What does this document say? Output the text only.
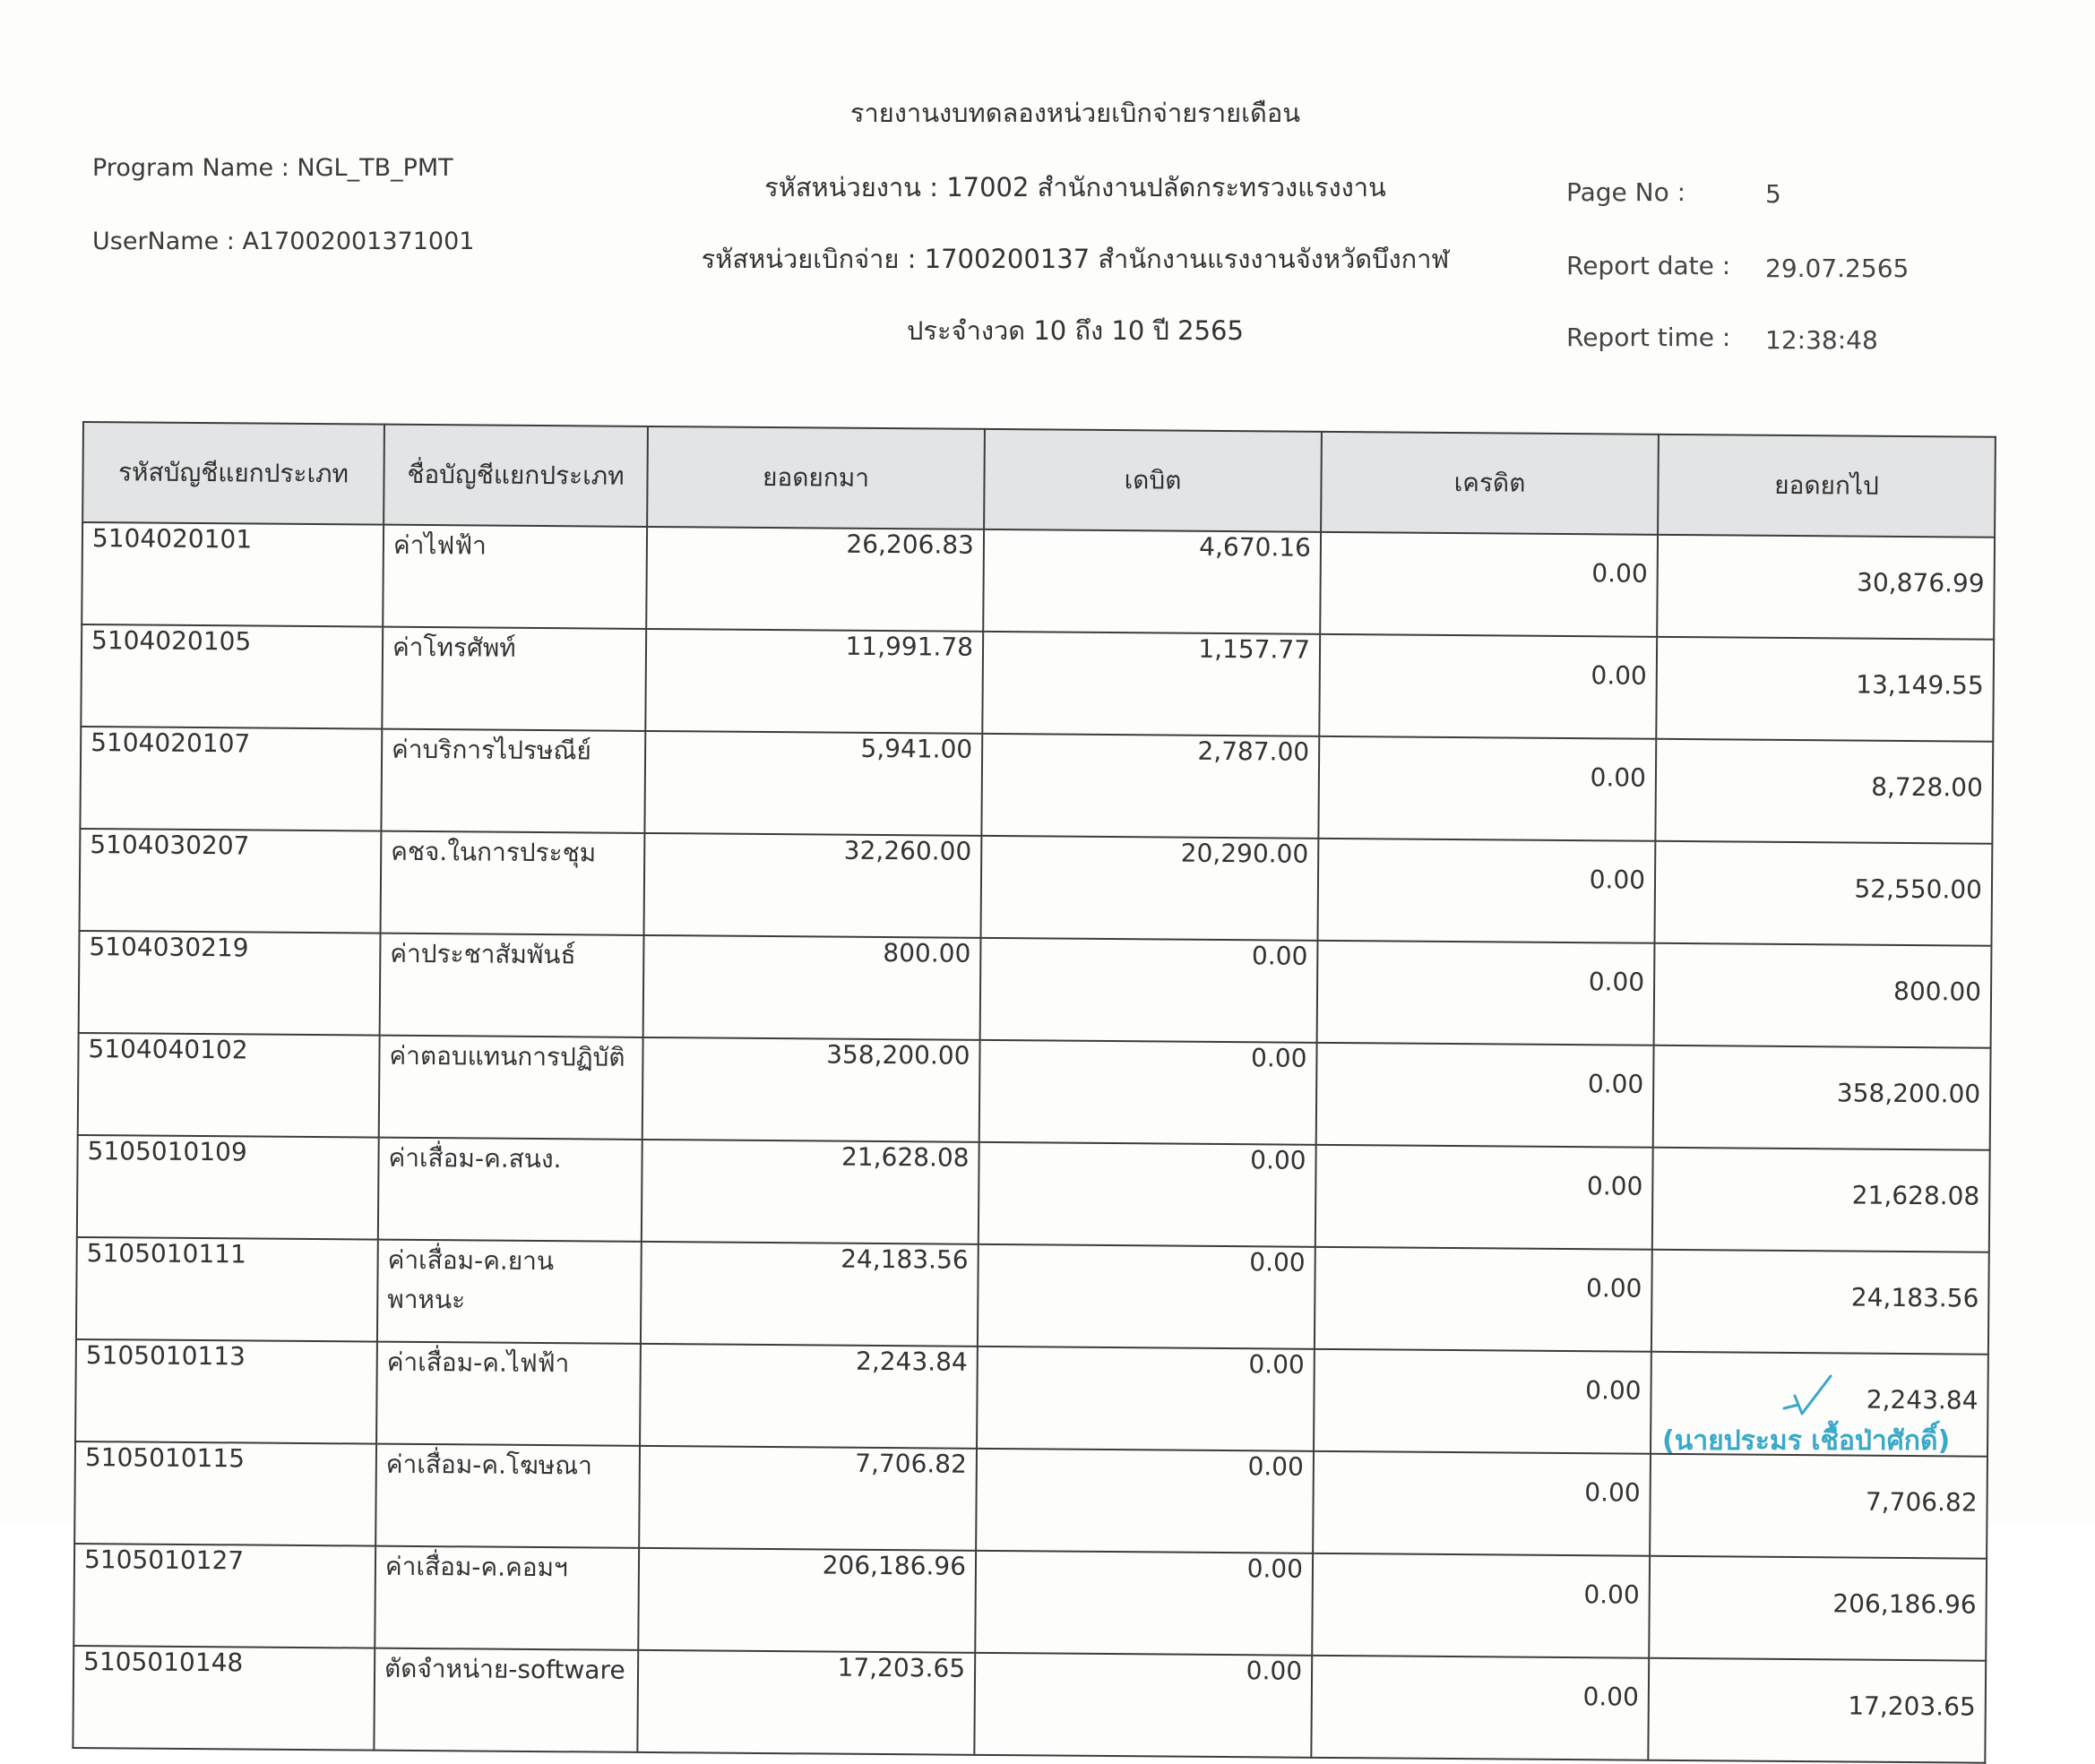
Program Name : NGL_TB_PMT
UserName : A17002001371001
รายงานงบทดลองหน่วยเบิกจ่ายรายเดือน
รหัสหน่วยงาน : 17002 สำนักงานปลัดกระทรวงแรงงาน
รหัสหน่วยเบิกจ่าย : 1700200137 สำนักงานแรงงานจังหวัดบึงกาฬ
ประจำงวด 10 ถึง 10 ปี 2565
Page No :	5
Report date : 29.07.2565
Report time : 12:38:48
รหัสบัญชีแยกประเภท	ชื่อบัญชีแยกประเภท	ยอดยกมา	เดบิต	เครดิต	ยอดยกไป
5104020101	ค่าไฟฟ้า	26,206.83	4,670.16	0.00	30,876.99
5104020105	ค่าโทรศัพท์	11,991.78	1,157.77	0.00	13,149.55
5104020107	ค่าบริการไปรษณีย์	5,941.00	2,787.00	0.00	8,728.00
5104030207	คชจ.ในการประชุม	32,260.00	20,290.00	0.00	52,550.00
5104030219	ค่าประชาสัมพันธ์	800.00	0.00	0.00	800.00
5104040102	ค่าตอบแทนการปฏิบัติ	358,200.00	0.00	0.00	358,200.00
5105010109	ค่าเสื่อม-ค.สนง.	21,628.08	0.00	0.00	21,628.08
5105010111	ค่าเสื่อม-ค.ยานพาหนะ	24,183.56	0.00	0.00	24,183.56
5105010113	ค่าเสื่อม-ค.ไฟฟ้า	2,243.84	0.00	0.00	2,243.84
5105010115	ค่าเสื่อม-ค.โฆษณา	7,706.82	0.00	0.00	7,706.82
5105010127	ค่าเสื่อม-ค.คอมฯ	206,186.96	0.00	0.00	206,186.96
5105010148	ตัดจำหน่าย-software	17,203.65	0.00	0.00	17,203.65
(นายประมร เชื้อป่าศักดิ์)
